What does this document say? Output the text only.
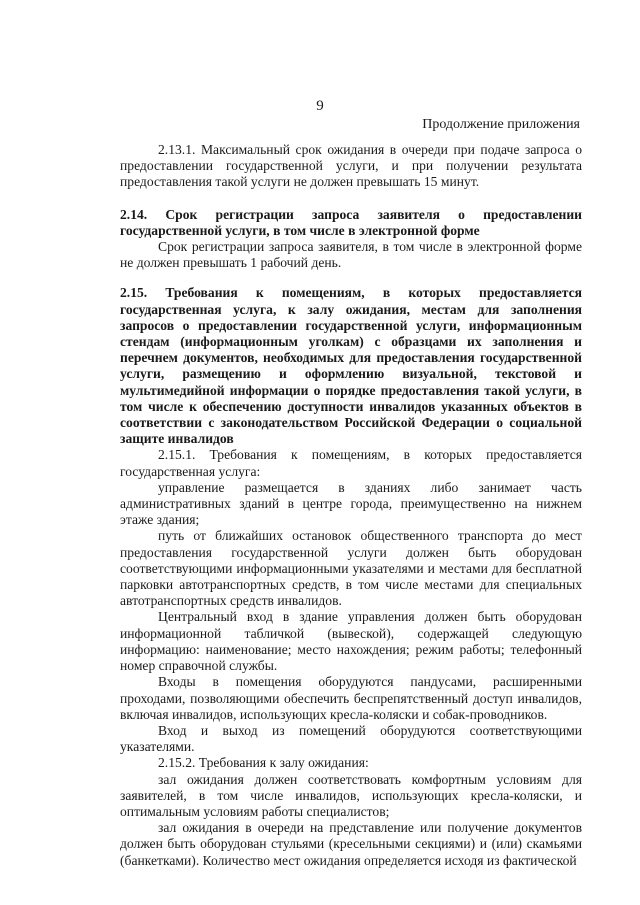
9
Продолжение приложения

2.13.1. Максимальный срок ожидания в очереди при подаче запроса о предоставлении государственной услуги, и при получении результата предоставления такой услуги не должен превышать 15 минут.

2.14. Срок регистрации запроса заявителя о предоставлении государственной услуги, в том числе в электронной форме

Срок регистрации запроса заявителя, в том числе в электронной форме не должен превышать 1 рабочий день.

2.15. Требования к помещениям, в которых предоставляется государственная услуга, к залу ожидания, местам для заполнения запросов о предоставлении государственной услуги, информационным стендам (информационным уголкам) с образцами их заполнения и перечнем документов, необходимых для предоставления государственной услуги, размещению и оформлению визуальной, текстовой и мультимедийной информации о порядке предоставления такой услуги, в том числе к обеспечению доступности инвалидов указанных объектов в соответствии с законодательством Российской Федерации о социальной защите инвалидов

2.15.1. Требования к помещениям, в которых предоставляется государственная услуга:

управление размещается в зданиях либо занимает часть административных зданий в центре города, преимущественно на нижнем этаже здания;

путь от ближайших остановок общественного транспорта до мест предоставления государственной услуги должен быть оборудован соответствующими информационными указателями и местами для бесплатной парковки автотранспортных средств, в том числе местами для специальных автотранспортных средств инвалидов.

Центральный вход в здание управления должен быть оборудован информационной табличкой (вывеской), содержащей следующую информацию: наименование; место нахождения; режим работы; телефонный номер справочной службы.

Входы в помещения оборудуются пандусами, расширенными проходами, позволяющими обеспечить беспрепятственный доступ инвалидов, включая инвалидов, использующих кресла-коляски и собак-проводников.

Вход и выход из помещений оборудуются соответствующими указателями.

2.15.2. Требования к залу ожидания:

зал ожидания должен соответствовать комфортным условиям для заявителей, в том числе инвалидов, использующих кресла-коляски, и оптимальным условиям работы специалистов;

зал ожидания в очереди на представление или получение документов должен быть оборудован стульями (кресельными секциями) и (или) скамьями (банкетками). Количество мест ожидания определяется исходя из фактической
